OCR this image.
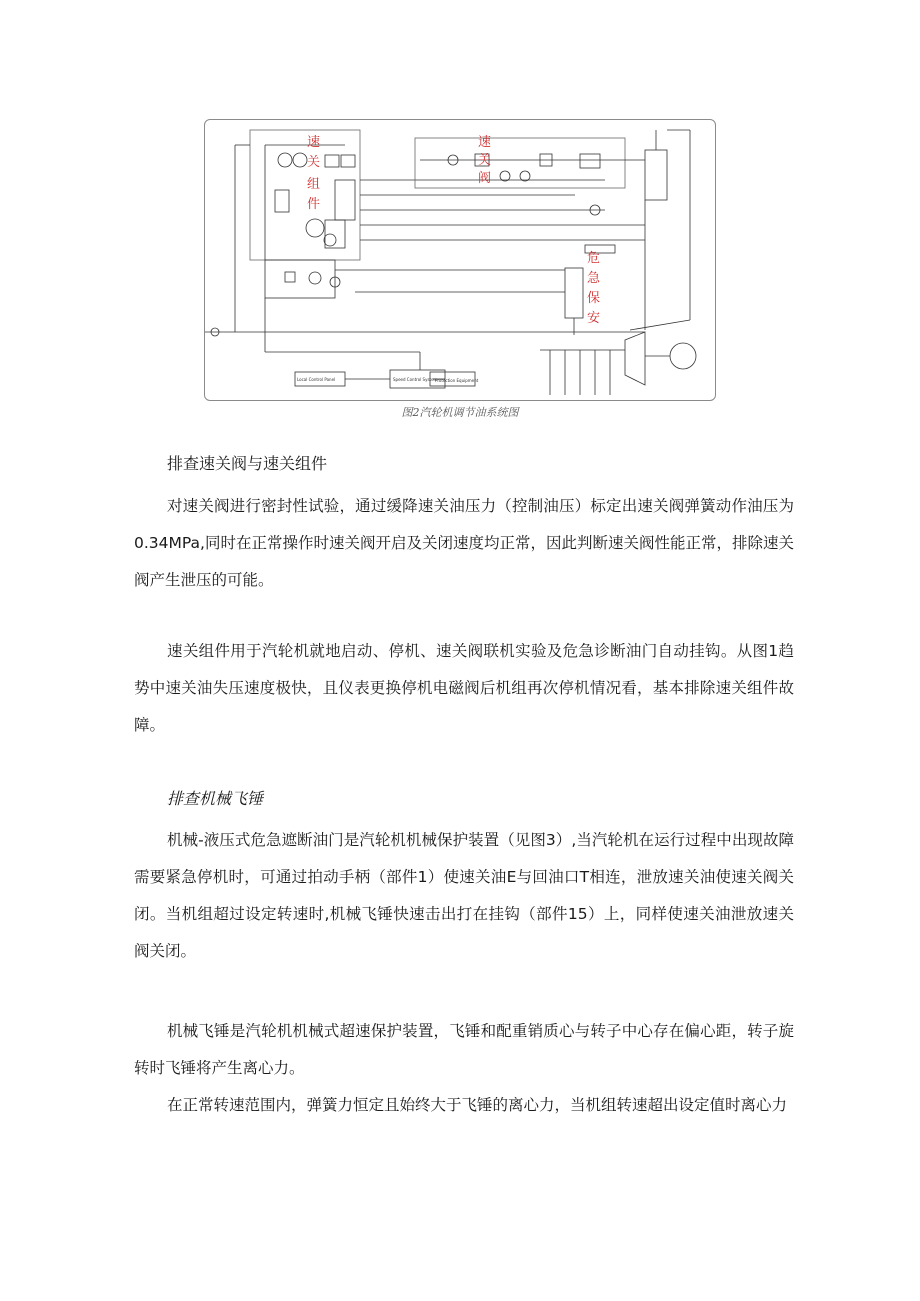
速
关
组
件
速
关
阀
危
急
保
安
Local Control Panel	Speed Control System
Protection Equipment
图2汽轮机调节油系统图
排查速关阀与速关组件

对速关阀进行密封性试验，通过缓降速关油压力（控制油压）标定出速关阀弹簧动作油压为0.34MPa,同时在正常操作时速关阀开启及关闭速度均正常，因此判断速关阀性能正常，排除速关阀产生泄压的可能。

速关组件用于汽轮机就地启动、停机、速关阀联机实验及危急诊断油门自动挂钩。从图1趋势中速关油失压速度极快，且仪表更换停机电磁阀后机组再次停机情况看，基本排除速关组件故障。

排查机械飞锤

机械-液压式危急遮断油门是汽轮机机械保护装置（见图3）,当汽轮机在运行过程中出现故障需要紧急停机时，可通过拍动手柄（部件1）使速关油E与回油口T相连，泄放速关油使速关阀关闭。当机组超过设定转速时,机械飞锤快速击出打在挂钩（部件15）上，同样使速关油泄放速关阀关闭。

机械飞锤是汽轮机机械式超速保护装置，飞锤和配重销质心与转子中心存在偏心距，转子旋转时飞锤将产生离心力。

在正常转速范围内，弹簧力恒定且始终大于飞锤的离心力，当机组转速超出设定值时离心力
